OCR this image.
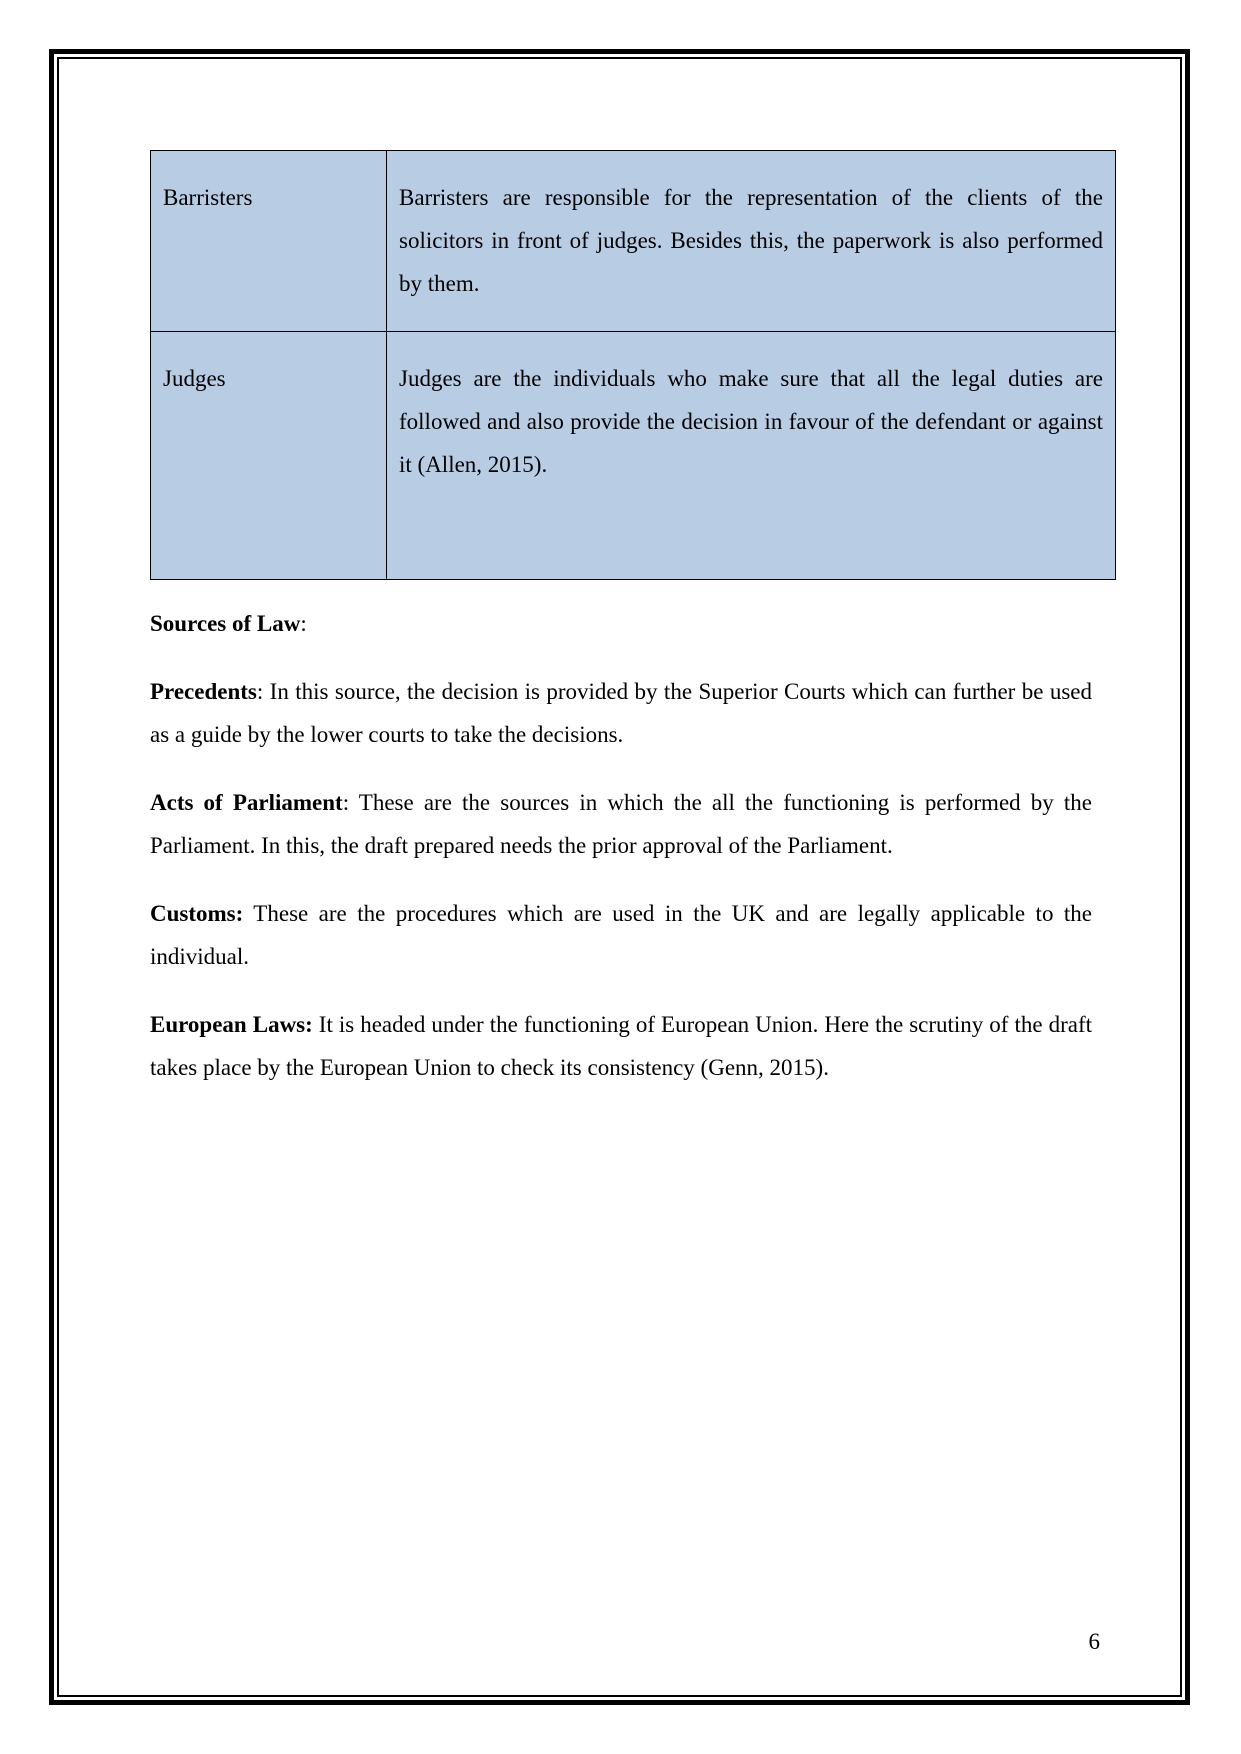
Barristers	Barristers are responsible for the representation of the clients of the solicitors in front of judges. Besides this, the paperwork is also performed by them.
Judges	Judges are the individuals who make sure that all the legal duties are followed and also provide the decision in favour of the defendant or against it (Allen, 2015).
Sources of Law:

Precedents: In this source, the decision is provided by the Superior Courts which can further be used as a guide by the lower courts to take the decisions.

Acts of Parliament: These are the sources in which the all the functioning is performed by the Parliament. In this, the draft prepared needs the prior approval of the Parliament.

Customs: These are the procedures which are used in the UK and are legally applicable to the individual.

European Laws: It is headed under the functioning of European Union. Here the scrutiny of the draft takes place by the European Union to check its consistency (Genn, 2015).

6
